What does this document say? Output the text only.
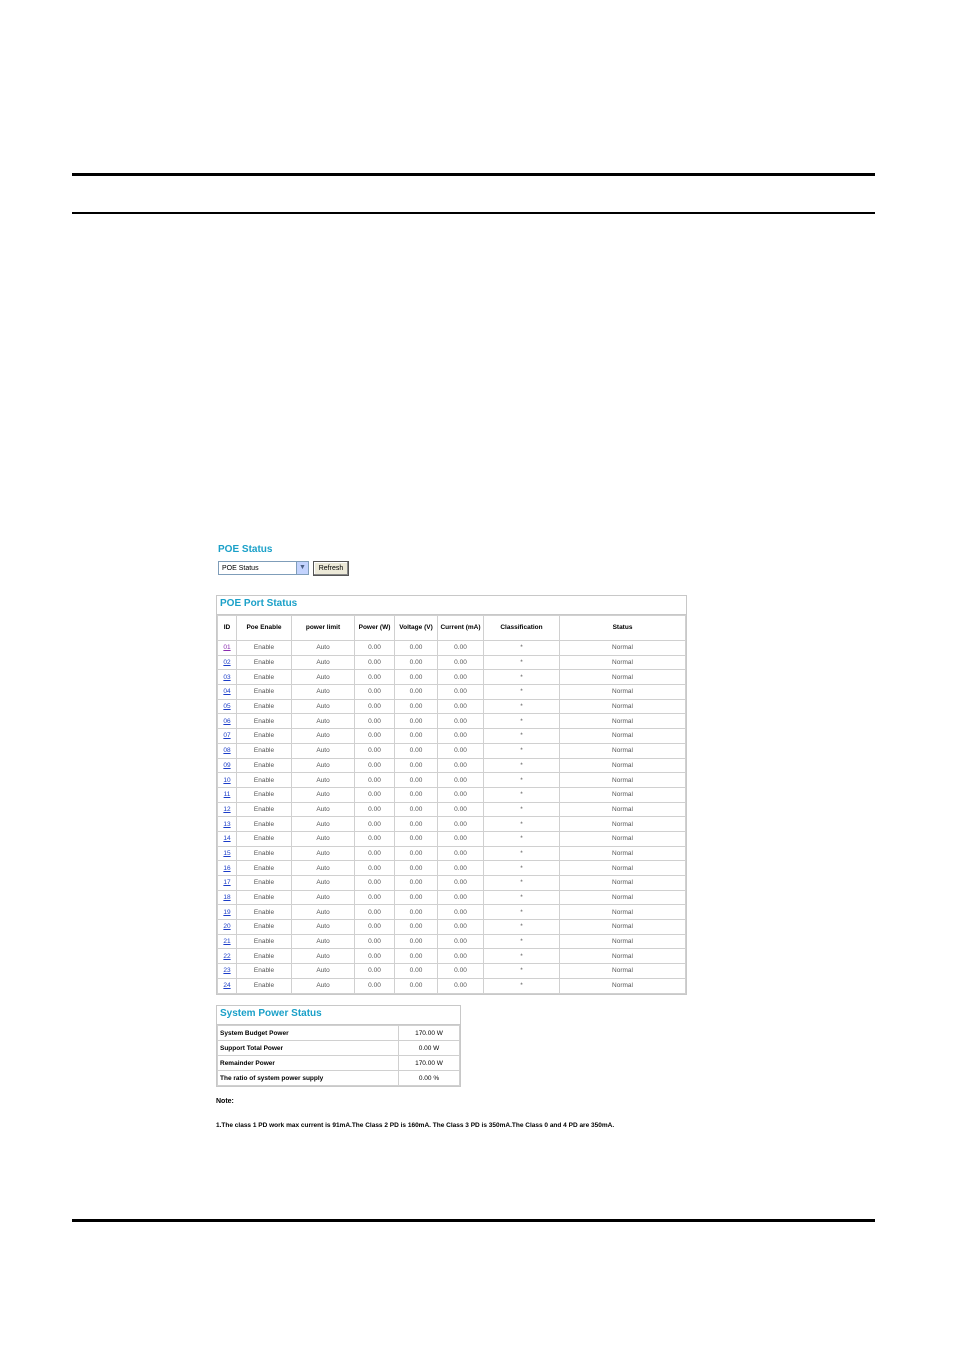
POE Status
POE Status	▼	Refresh
POE Port Status
ID	Poe Enable	power limit	Power (W)	Voltage (V)	Current (mA)	Classification	Status
01	Enable	Auto	0.00	0.00	0.00	*	Normal
02	Enable	Auto	0.00	0.00	0.00	*	Normal
03	Enable	Auto	0.00	0.00	0.00	*	Normal
04	Enable	Auto	0.00	0.00	0.00	*	Normal
05	Enable	Auto	0.00	0.00	0.00	*	Normal
06	Enable	Auto	0.00	0.00	0.00	*	Normal
07	Enable	Auto	0.00	0.00	0.00	*	Normal
08	Enable	Auto	0.00	0.00	0.00	*	Normal
09	Enable	Auto	0.00	0.00	0.00	*	Normal
10	Enable	Auto	0.00	0.00	0.00	*	Normal
11	Enable	Auto	0.00	0.00	0.00	*	Normal
12	Enable	Auto	0.00	0.00	0.00	*	Normal
13	Enable	Auto	0.00	0.00	0.00	*	Normal
14	Enable	Auto	0.00	0.00	0.00	*	Normal
15	Enable	Auto	0.00	0.00	0.00	*	Normal
16	Enable	Auto	0.00	0.00	0.00	*	Normal
17	Enable	Auto	0.00	0.00	0.00	*	Normal
18	Enable	Auto	0.00	0.00	0.00	*	Normal
19	Enable	Auto	0.00	0.00	0.00	*	Normal
20	Enable	Auto	0.00	0.00	0.00	*	Normal
21	Enable	Auto	0.00	0.00	0.00	*	Normal
22	Enable	Auto	0.00	0.00	0.00	*	Normal
23	Enable	Auto	0.00	0.00	0.00	*	Normal
24	Enable	Auto	0.00	0.00	0.00	*	Normal
System Power Status
System Budget Power	170.00 W
Support Total Power	0.00 W
Remainder Power	170.00 W
The ratio of system power supply	0.00 %
Note:
1.The class 1 PD work max current is 91mA.The Class 2 PD is 160mA. The Class 3 PD is 350mA.The Class 0 and 4 PD are 350mA.
